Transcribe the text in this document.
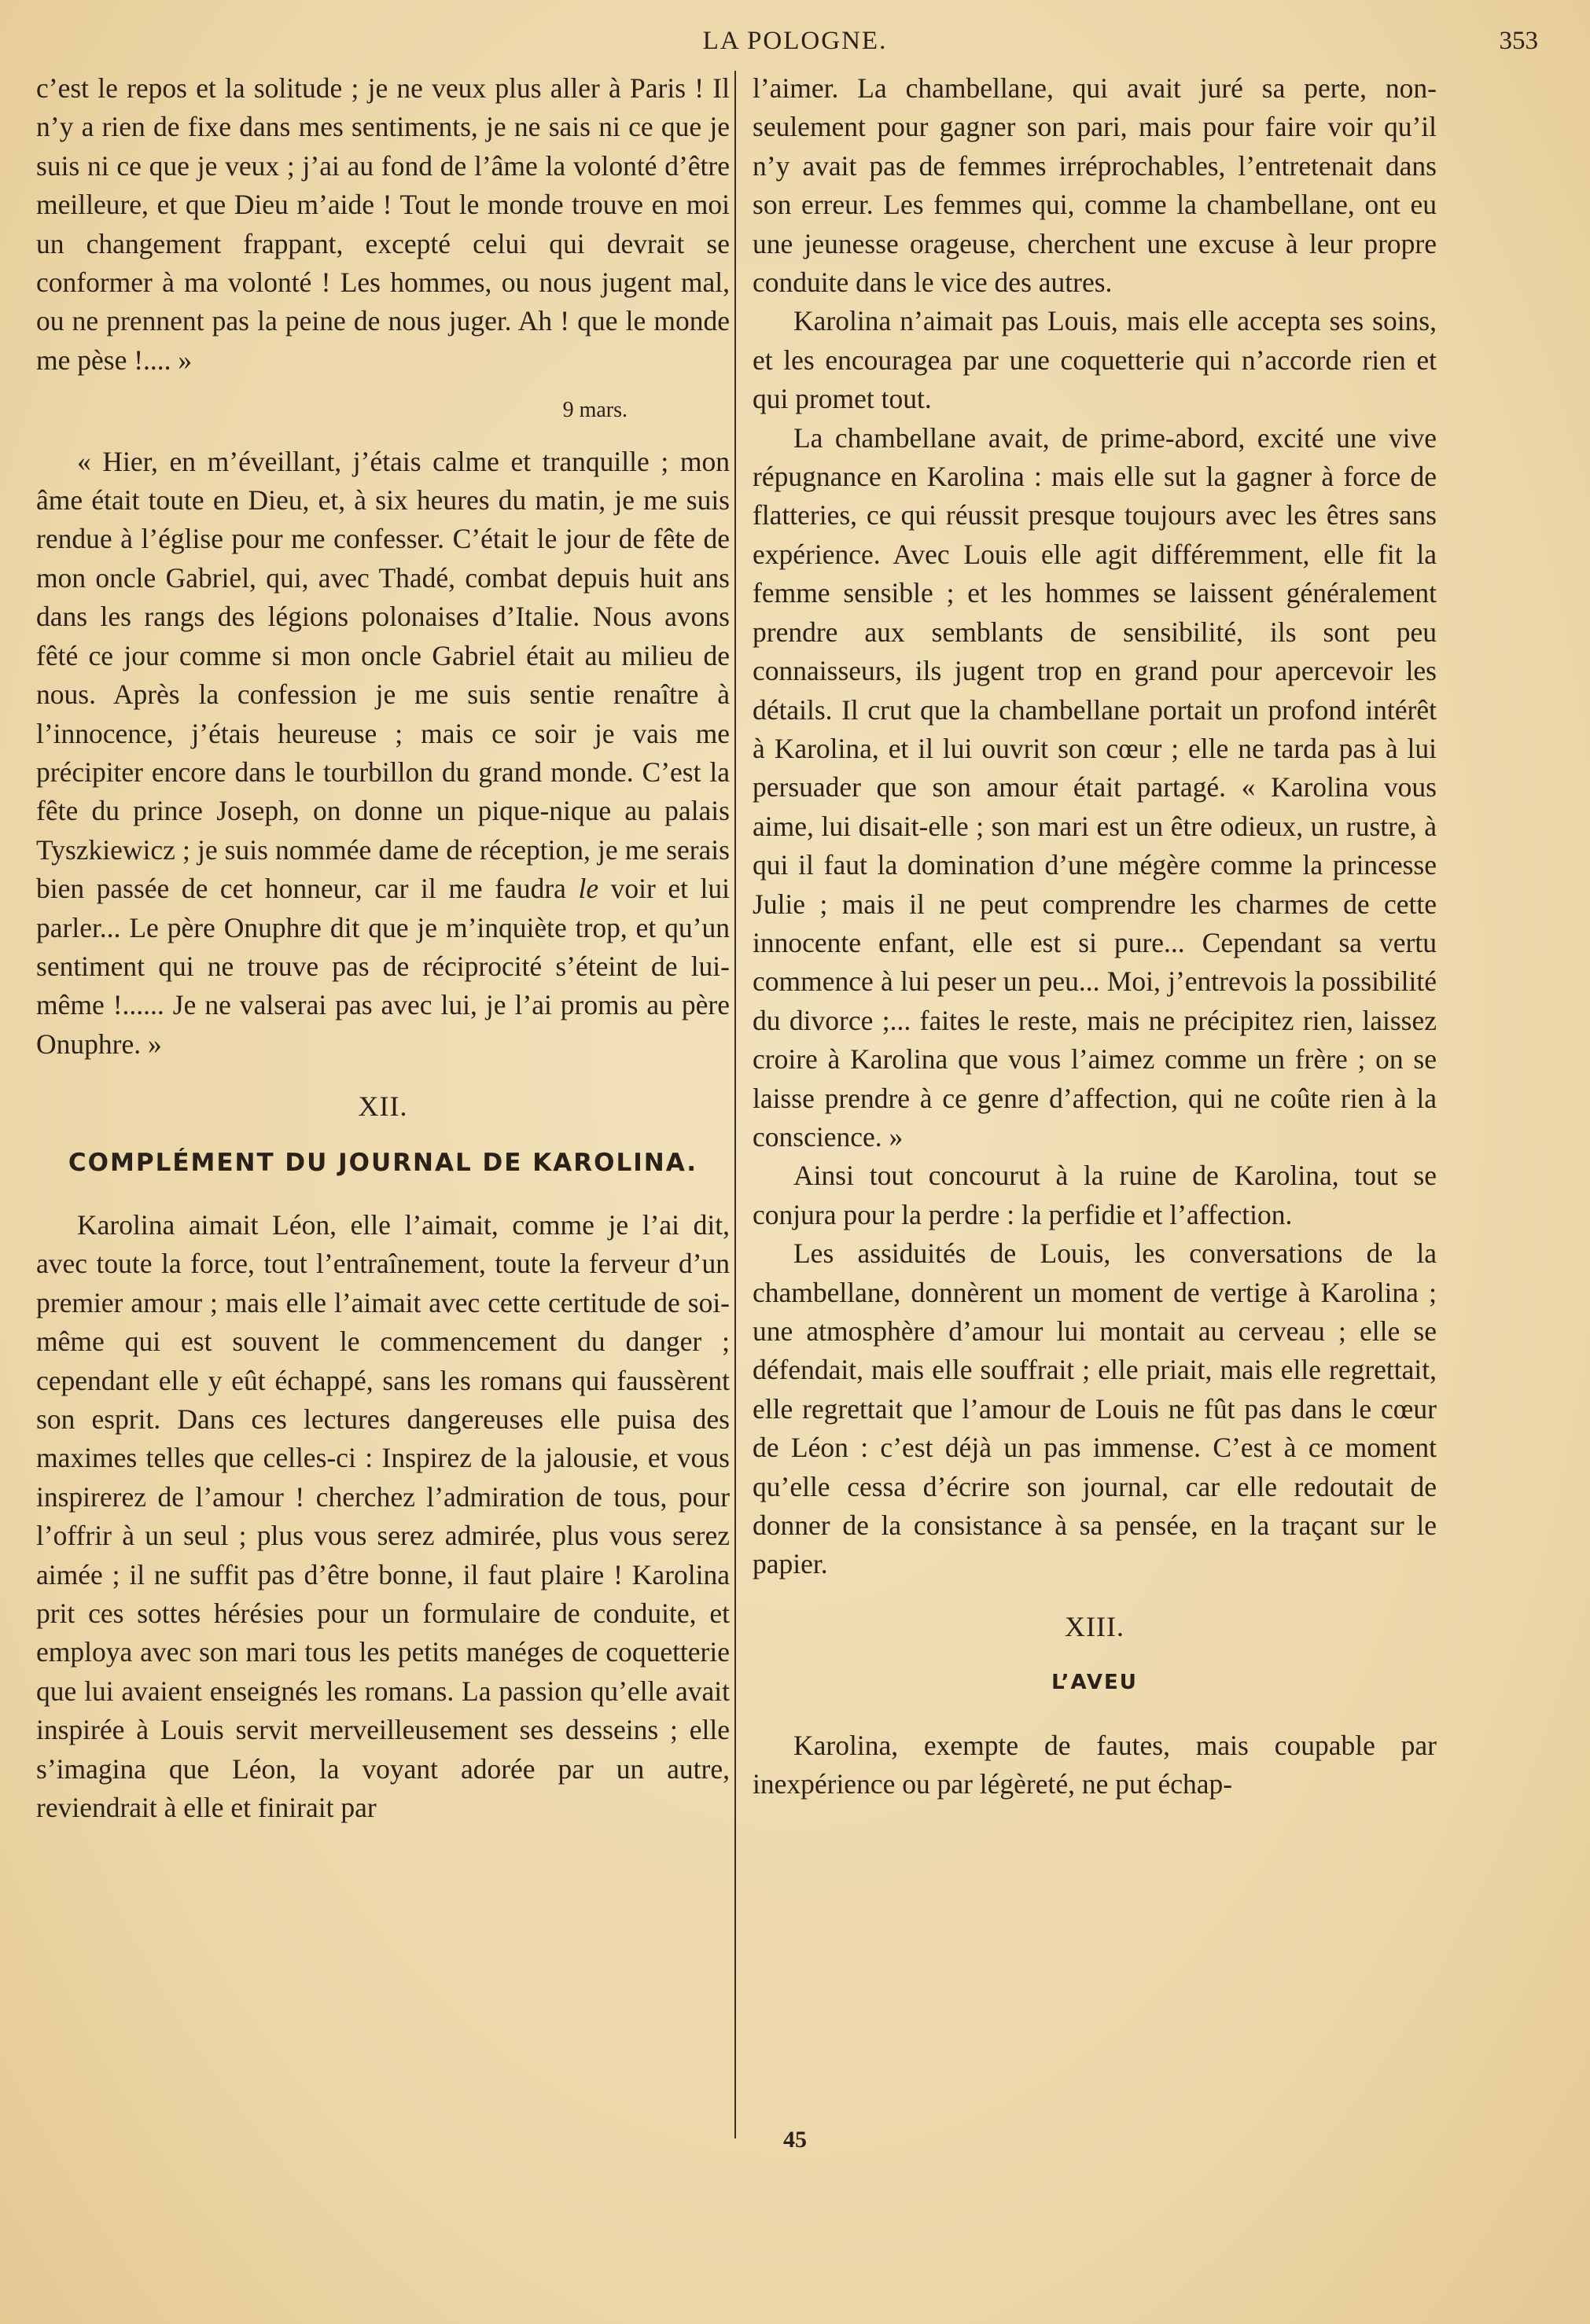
LA POLOGNE.	353

c’est le repos et la solitude ; je ne veux plus aller à Paris ! Il n’y a rien de fixe dans mes sentiments, je ne sais ni ce que je suis ni ce que je veux ; j’ai au fond de l’âme la volonté d’être meilleure, et que Dieu m’aide ! Tout le monde trouve en moi un changement frappant, excepté celui qui devrait se conformer à ma volonté ! Les hommes, ou nous jugent mal, ou ne prennent pas la peine de nous juger. Ah ! que le monde me pèse !.... »

9 mars.

« Hier, en m’éveillant, j’étais calme et tranquille ; mon âme était toute en Dieu, et, à six heures du matin, je me suis rendue à l’église pour me confesser. C’était le jour de fête de mon oncle Gabriel, qui, avec Thadé, combat depuis huit ans dans les rangs des légions polonaises d’Italie. Nous avons fêté ce jour comme si mon oncle Gabriel était au milieu de nous. Après la confession je me suis sentie renaître à l’innocence, j’étais heureuse ; mais ce soir je vais me précipiter encore dans le tourbillon du grand monde. C’est la fête du prince Joseph, on donne un pique-nique au palais Tyszkiewicz ; je suis nommée dame de réception, je me serais bien passée de cet honneur, car il me faudra le voir et lui parler... Le père Onuphre dit que je m’inquiète trop, et qu’un sentiment qui ne trouve pas de réciprocité s’éteint de lui-même !...... Je ne valserai pas avec lui, je l’ai promis au père Onuphre. »

XII.
COMPLÉMENT DU JOURNAL DE KAROLINA.

Karolina aimait Léon, elle l’aimait, comme je l’ai dit, avec toute la force, tout l’entraînement, toute la ferveur d’un premier amour ; mais elle l’aimait avec cette certitude de soi-même qui est souvent le commencement du danger ; cependant elle y eût échappé, sans les romans qui faussèrent son esprit. Dans ces lectures dangereuses elle puisa des maximes telles que celles-ci : Inspirez de la jalousie, et vous inspirerez de l’amour ! cherchez l’admiration de tous, pour l’offrir à un seul ; plus vous serez admirée, plus vous serez aimée ; il ne suffit pas d’être bonne, il faut plaire ! Karolina prit ces sottes hérésies pour un formulaire de conduite, et employa avec son mari tous les petits manéges de coquetterie que lui avaient enseignés les romans. La passion qu’elle avait inspirée à Louis servit merveilleusement ses desseins ; elle s’imagina que Léon, la voyant adorée par un autre, reviendrait à elle et finirait par

l’aimer. La chambellane, qui avait juré sa perte, non-seulement pour gagner son pari, mais pour faire voir qu’il n’y avait pas de femmes irréprochables, l’entretenait dans son erreur. Les femmes qui, comme la chambellane, ont eu une jeunesse orageuse, cherchent une excuse à leur propre conduite dans le vice des autres.

Karolina n’aimait pas Louis, mais elle accepta ses soins, et les encouragea par une coquetterie qui n’accorde rien et qui promet tout.

La chambellane avait, de prime-abord, excité une vive répugnance en Karolina : mais elle sut la gagner à force de flatteries, ce qui réussit presque toujours avec les êtres sans expérience. Avec Louis elle agit différemment, elle fit la femme sensible ; et les hommes se laissent généralement prendre aux semblants de sensibilité, ils sont peu connaisseurs, ils jugent trop en grand pour apercevoir les détails. Il crut que la chambellane portait un profond intérêt à Karolina, et il lui ouvrit son cœur ; elle ne tarda pas à lui persuader que son amour était partagé. « Karolina vous aime, lui disait-elle ; son mari est un être odieux, un rustre, à qui il faut la domination d’une mégère comme la princesse Julie ; mais il ne peut comprendre les charmes de cette innocente enfant, elle est si pure... Cependant sa vertu commence à lui peser un peu... Moi, j’entrevois la possibilité du divorce ;... faites le reste, mais ne précipitez rien, laissez croire à Karolina que vous l’aimez comme un frère ; on se laisse prendre à ce genre d’affection, qui ne coûte rien à la conscience. »

Ainsi tout concourut à la ruine de Karolina, tout se conjura pour la perdre : la perfidie et l’affection.

Les assiduités de Louis, les conversations de la chambellane, donnèrent un moment de vertige à Karolina ; une atmosphère d’amour lui montait au cerveau ; elle se défendait, mais elle souffrait ; elle priait, mais elle regrettait, elle regrettait que l’amour de Louis ne fût pas dans le cœur de Léon : c’est déjà un pas immense. C’est à ce moment qu’elle cessa d’écrire son journal, car elle redoutait de donner de la consistance à sa pensée, en la traçant sur le papier.

XIII.
L’AVEU

Karolina, exempte de fautes, mais coupable par inexpérience ou par légèreté, ne put échap-

45
